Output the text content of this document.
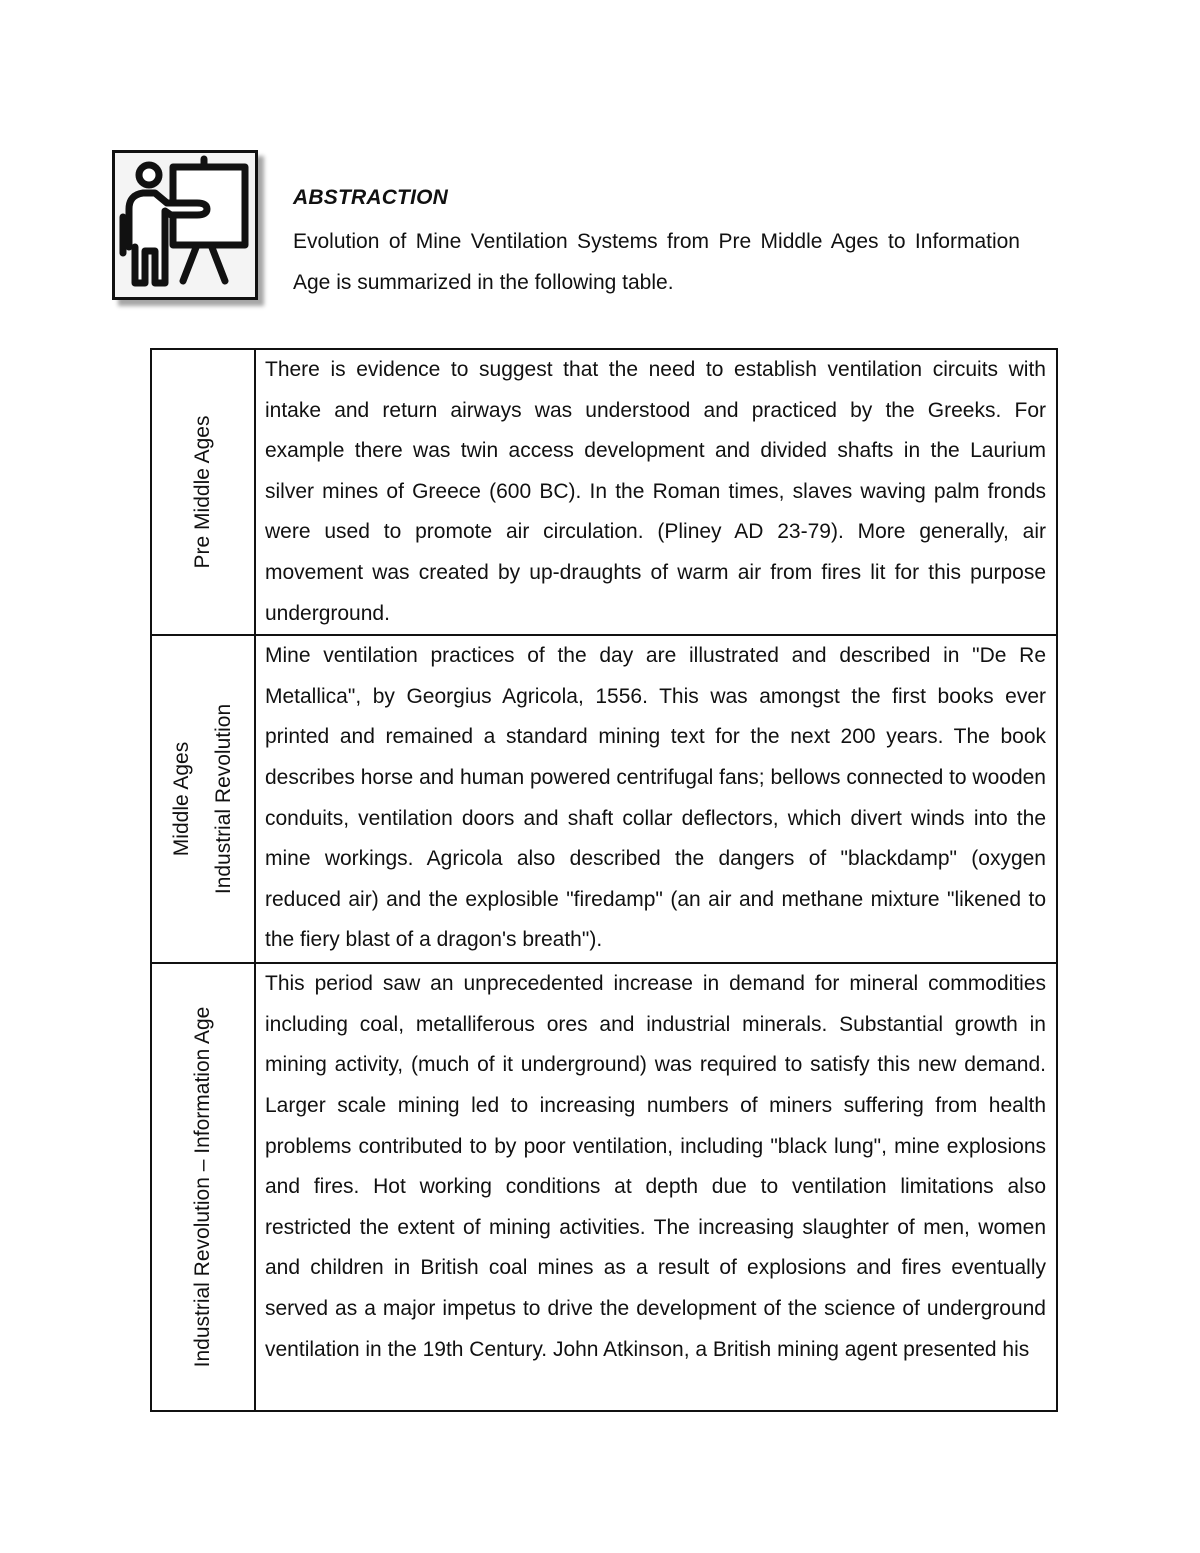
ABSTRACTION
Evolution of Mine Ventilation Systems from Pre Middle Ages to Information Age is summarized in the following table.
Pre Middle Ages	There is evidence to suggest that the need to establish ventilation circuits with intake and return airways was understood and practiced by the Greeks. For example there was twin access development and divided shafts in the Laurium silver mines of Greece (600 BC). In the Roman times, slaves waving palm fronds were used to promote air circulation. (Pliney AD 23-79). More generally, air movement was created by up-draughts of warm air from fires lit for this purpose underground.

Middle Ages Industrial Revolution	Mine ventilation practices of the day are illustrated and described in "De Re Metallica", by Georgius Agricola, 1556. This was amongst the first books ever printed and remained a standard mining text for the next 200 years. The book describes horse and human powered centrifugal fans; bellows connected to wooden conduits, ventilation doors and shaft collar deflectors, which divert winds into the mine workings. Agricola also described the dangers of "blackdamp" (oxygen reduced air) and the explosible "firedamp" (an air and methane mixture "likened to the fiery blast of a dragon's breath").

Industrial Revolution – Information Age	This period saw an unprecedented increase in demand for mineral commodities including coal, metalliferous ores and industrial minerals. Substantial growth in mining activity, (much of it underground) was required to satisfy this new demand. Larger scale mining led to increasing numbers of miners suffering from health problems contributed to by poor ventilation, including "black lung", mine explosions and fires. Hot working conditions at depth due to ventilation limitations also restricted the extent of mining activities. The increasing slaughter of men, women and children in British coal mines as a result of explosions and fires eventually served as a major impetus to drive the development of the science of underground ventilation in the 19th Century. John Atkinson, a British mining agent presented his
